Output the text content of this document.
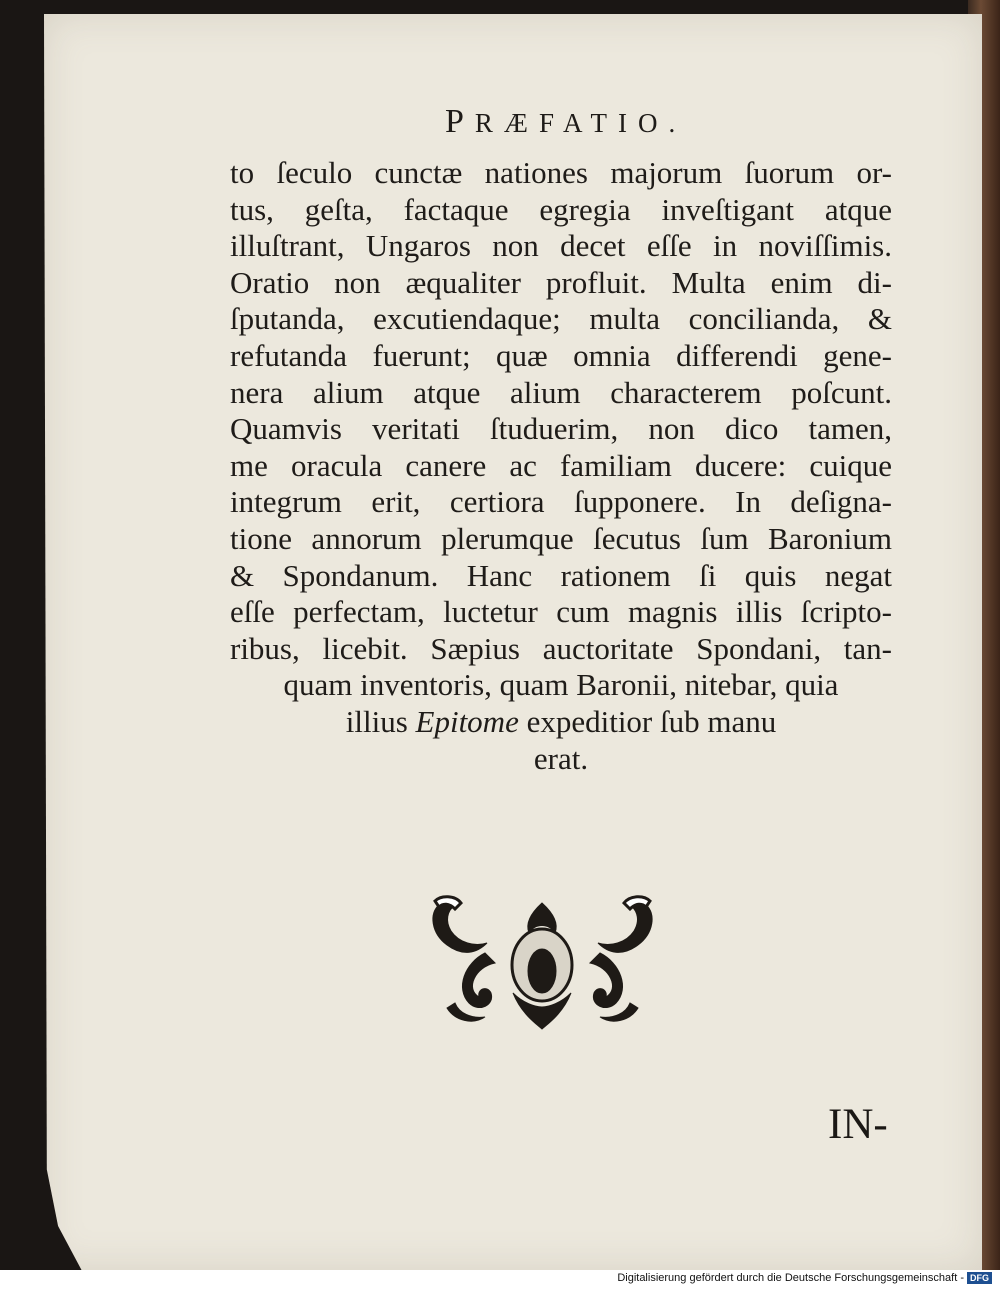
PRÆFATIO.
to ſeculo cunctæ nationes majorum ſuorum or-
tus, geſta, factaque egregia inveſtigant atque
illuſtrant, Ungaros non decet eſſe in noviſſimis.
Oratio non æqualiter profluit. Multa enim di-
ſputanda, excutiendaque; multa concilianda, &
refutanda fuerunt; quæ omnia differendi gene-
nera alium atque alium characterem poſcunt.
Quamvis veritati ſtuduerim, non dico tamen,
me oracula canere ac familiam ducere: cuique
integrum erit, certiora ſupponere. In deſigna-
tione annorum plerumque ſecutus ſum Baronium
& Spondanum. Hanc rationem ſi quis negat
eſſe perfectam, luctetur cum magnis illis ſcripto-
ribus, licebit. Sæpius auctoritate Spondani, tan-
quam inventoris, quam Baronii, nitebar, quia
illius Epitome expeditior ſub manu
erat.
IN-
Digitalisierung gefördert durch die Deutsche Forschungsgemeinschaft - DFG
